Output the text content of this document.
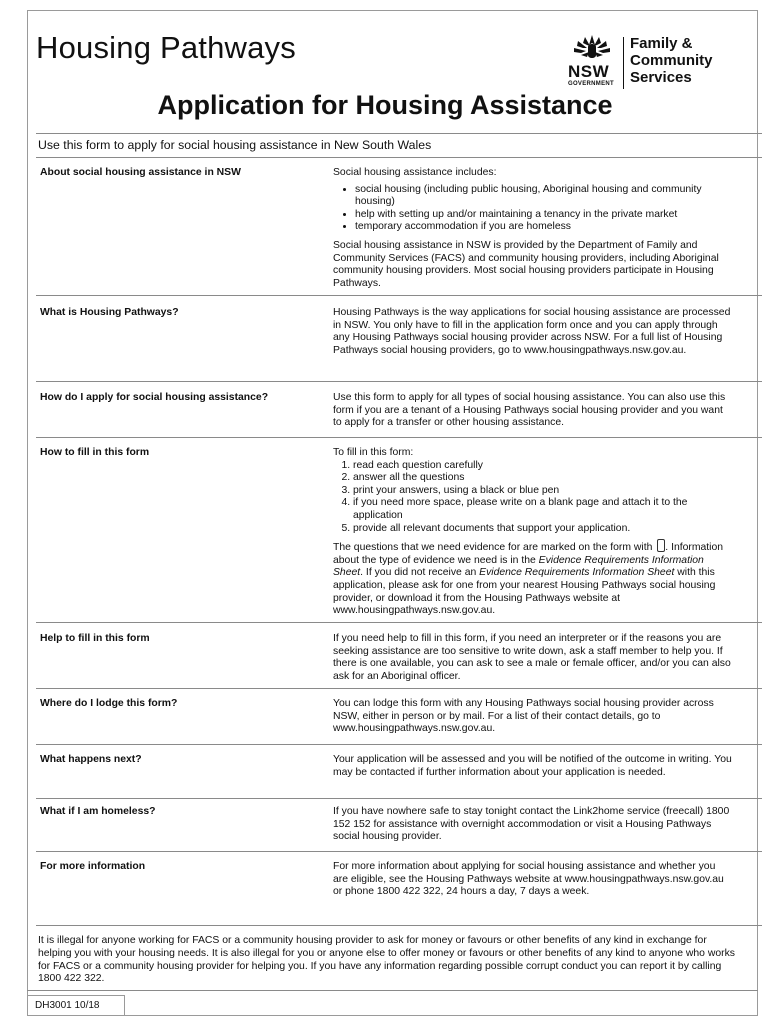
Housing Pathways
NSW
GOVERNMENT
Family &
Community
Services
Application for Housing Assistance
Use this form to apply for social housing assistance in New South Wales
About social housing assistance in NSW	Social housing assistance includes:

• social housing (including public housing, Aboriginal housing and community housing)
• help with setting up and/or maintaining a tenancy in the private market
• temporary accommodation if you are homeless

Social housing assistance in NSW is provided by the Department of Family and Community Services (FACS) and community housing providers, including Aboriginal community housing providers. Most social housing providers participate in Housing Pathways.

What is Housing Pathways?	Housing Pathways is the way applications for social housing assistance are processed in NSW. You only have to fill in the application form once and you can apply through any Housing Pathways social housing provider across NSW. For a full list of Housing Pathways social housing providers, go to www.housingpathways.nsw.gov.au.
How do I apply for social housing assistance?	Use this form to apply for all types of social housing assistance. You can also use this form if you are a tenant of a Housing Pathways social housing provider and you want to apply for a transfer or other housing assistance.
How to fill in this form	To fill in this form:

1. read each question carefully
2. answer all the questions
3. print your answers, using a black or blue pen
4. if you need more space, please write on a blank page and attach it to the application
5. provide all relevant documents that support your application.

The questions that we need evidence for are marked on the form with . Information about the type of evidence we need is in the Evidence Requirements Information Sheet. If you did not receive an Evidence Requirements Information Sheet with this application, please ask for one from your nearest Housing Pathways social housing provider, or download it from the Housing Pathways website at www.housingpathways.nsw.gov.au.

Help to fill in this form	If you need help to fill in this form, if you need an interpreter or if the reasons you are seeking assistance are too sensitive to write down, ask a staff member to help you. If there is one available, you can ask to see a male or female officer, and/or you can also ask for an Aboriginal officer.
Where do I lodge this form?	You can lodge this form with any Housing Pathways social housing provider across NSW, either in person or by mail. For a list of their contact details, go to www.housingpathways.nsw.gov.au.
What happens next?	Your application will be assessed and you will be notified of the outcome in writing. You may be contacted if further information about your application is needed.
What if I am homeless?	If you have nowhere safe to stay tonight contact the Link2home service (freecall) 1800 152 152 for assistance with overnight accommodation or visit a Housing Pathways social housing provider.
For more information	For more information about applying for social housing assistance and whether you are eligible, see the Housing Pathways website at www.housingpathways.nsw.gov.au or phone 1800 422 322, 24 hours a day, 7 days a week.
It is illegal for anyone working for FACS or a community housing provider to ask for money or favours or other benefits of any kind in exchange for helping you with your housing needs. It is also illegal for you or anyone else to offer money or favours or other benefits of any kind to anyone who works for FACS or a community housing provider for helping you. If you have any information regarding possible corrupt conduct you can report it by calling 1800 422 322.
DH3001 10/18
